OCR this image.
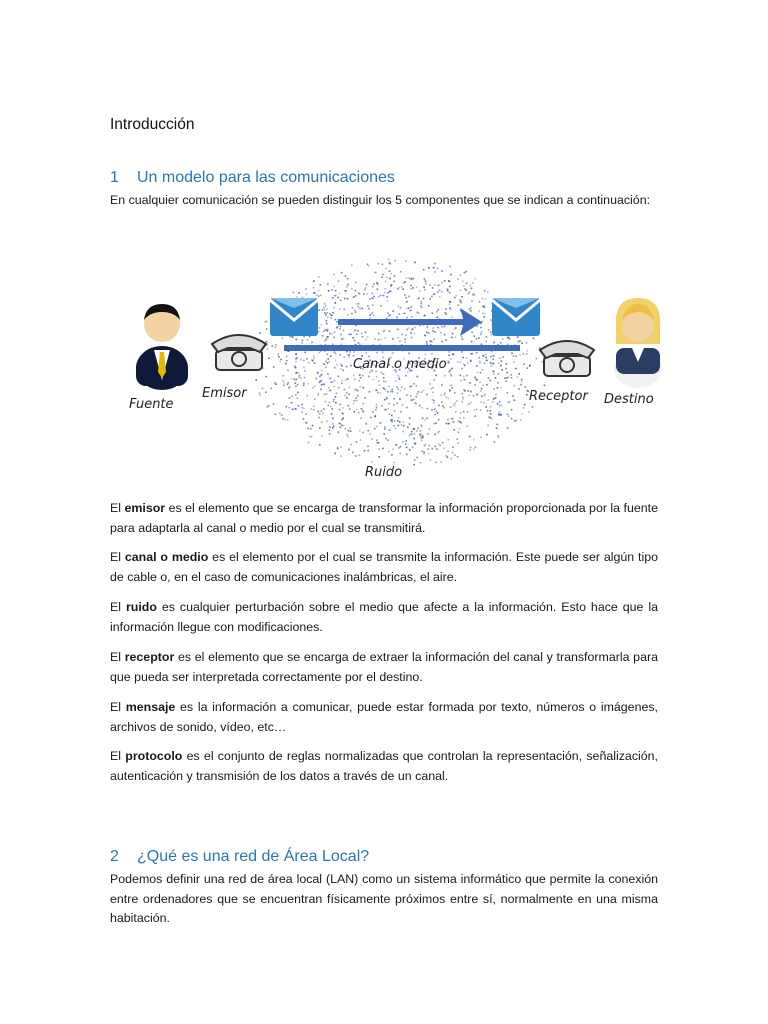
Introducción
1 Un modelo para las comunicaciones
En cualquier comunicación se pueden distinguir los 5 componentes que se indican a continuación:
El emisor es el elemento que se encarga de transformar la información proporcionada por la fuente para adaptarla al canal o medio por el cual se transmitirá.
El canal o medio es el elemento por el cual se transmite la información. Este puede ser algún tipo de cable o, en el caso de comunicaciones inalámbricas, el aire.
El ruido es cualquier perturbación sobre el medio que afecte a la información. Esto hace que la información llegue con modificaciones.
El receptor es el elemento que se encarga de extraer la información del canal y transformarla para que pueda ser interpretada correctamente por el destino.
El mensaje es la información a comunicar, puede estar formada por texto, números o imágenes, archivos de sonido, vídeo, etc…
El protocolo es el conjunto de reglas normalizadas que controlan la representación, señalización, autenticación y transmisión de los datos a través de un canal.
2 ¿Qué es una red de Área Local?
Podemos definir una red de área local (LAN) como un sistema informático que permite la conexión entre ordenadores que se encuentran físicamente próximos entre sí, normalmente en una misma habitación.
Fuente
Emisor
Canal o medio
Receptor Destino
Ruido
